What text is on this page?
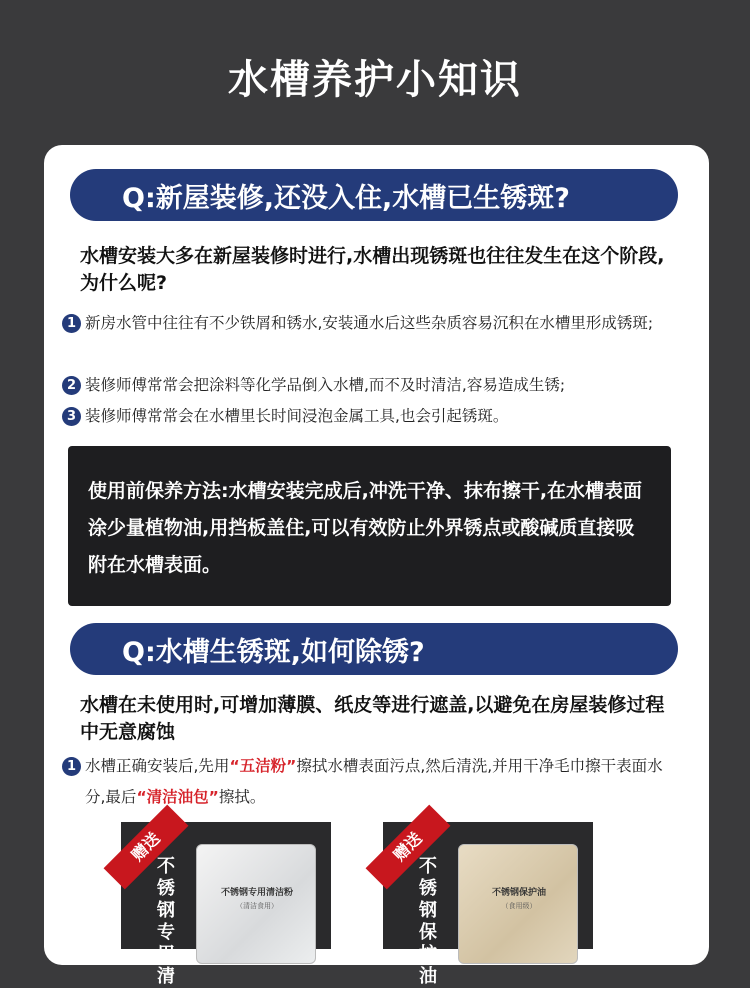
水槽养护小知识
Q:新屋装修,还没入住,水槽已生锈斑?
水槽安装大多在新屋装修时进行,水槽出现锈斑也往往发生在这个阶段,为什么呢?
1 新房水管中往往有不少铁屑和锈水,安装通水后这些杂质容易沉积在水槽里形成锈斑;
2 装修师傅常常会把涂料等化学品倒入水槽,而不及时清洁,容易造成生锈;
3 装修师傅常常会在水槽里长时间浸泡金属工具,也会引起锈斑。
使用前保养方法:水槽安装完成后,冲洗干净、抹布擦干,在水槽表面涂少量植物油,用挡板盖住,可以有效防止外界锈点或酸碱质直接吸附在水槽表面。
Q:水槽生锈斑,如何除锈?
水槽在未使用时,可增加薄膜、纸皮等进行遮盖,以避免在房屋装修过程中无意腐蚀
1 水槽正确安装后,先用“五洁粉”擦拭水槽表面污点,然后清洗,并用干净毛巾擦干表面水分,最后“清洁油包”擦拭。
赠送
不锈钢专用清
不锈钢专用清洁粉
（清洁食用）
赠送
不锈钢保护油
不锈钢保护油
（食用级）
